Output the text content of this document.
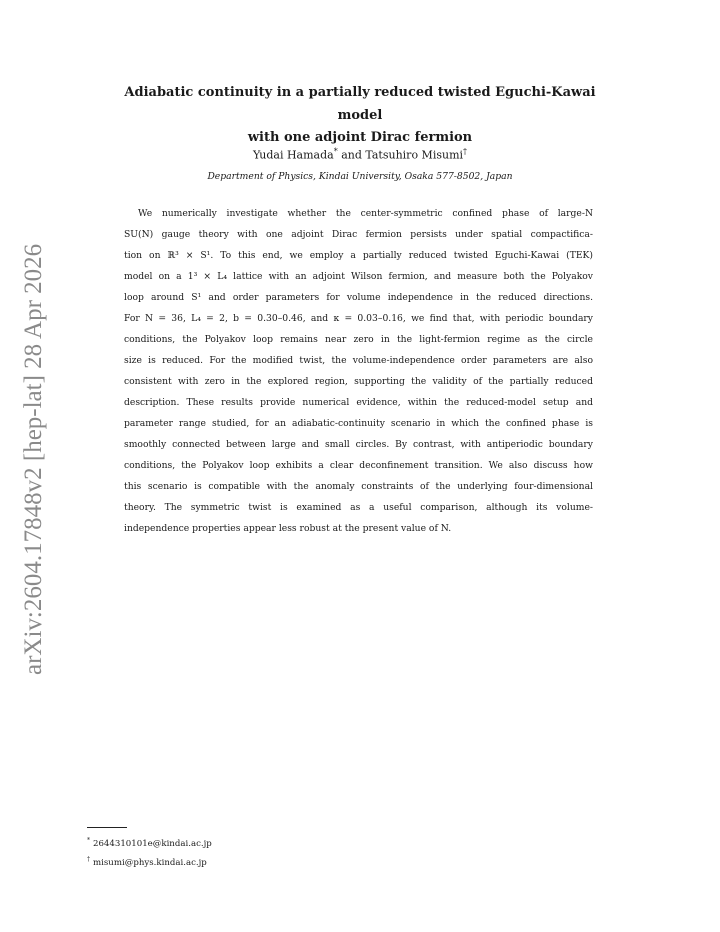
arXiv:2604.17848v2 [hep-lat] 28 Apr 2026
Adiabatic continuity in a partially reduced twisted Eguchi-Kawai model
with one adjoint Dirac fermion
Yudai Hamada* and Tatsuhiro Misumi†
Department of Physics, Kindai University, Osaka 577-8502, Japan

We numerically investigate whether the center-symmetric confined phase of large-N
SU(N) gauge theory with one adjoint Dirac fermion persists under spatial compactifica-
tion on ℝ³ × S¹. To this end, we employ a partially reduced twisted Eguchi-Kawai (TEK)
model on a 1³ × L₄ lattice with an adjoint Wilson fermion, and measure both the Polyakov
loop around S¹ and order parameters for volume independence in the reduced directions.
For N = 36, L₄ = 2, b = 0.30–0.46, and κ = 0.03–0.16, we find that, with periodic boundary
conditions, the Polyakov loop remains near zero in the light-fermion regime as the circle
size is reduced. For the modified twist, the volume-independence order parameters are also
consistent with zero in the explored region, supporting the validity of the partially reduced
description. These results provide numerical evidence, within the reduced-model setup and
parameter range studied, for an adiabatic-continuity scenario in which the confined phase is
smoothly connected between large and small circles. By contrast, with antiperiodic boundary
conditions, the Polyakov loop exhibits a clear deconfinement transition. We also discuss how
this scenario is compatible with the anomaly constraints of the underlying four-dimensional
theory. The symmetric twist is examined as a useful comparison, although its volume-
independence properties appear less robust at the present value of N.

* 2644310101e@kindai.ac.jp
† misumi@phys.kindai.ac.jp
